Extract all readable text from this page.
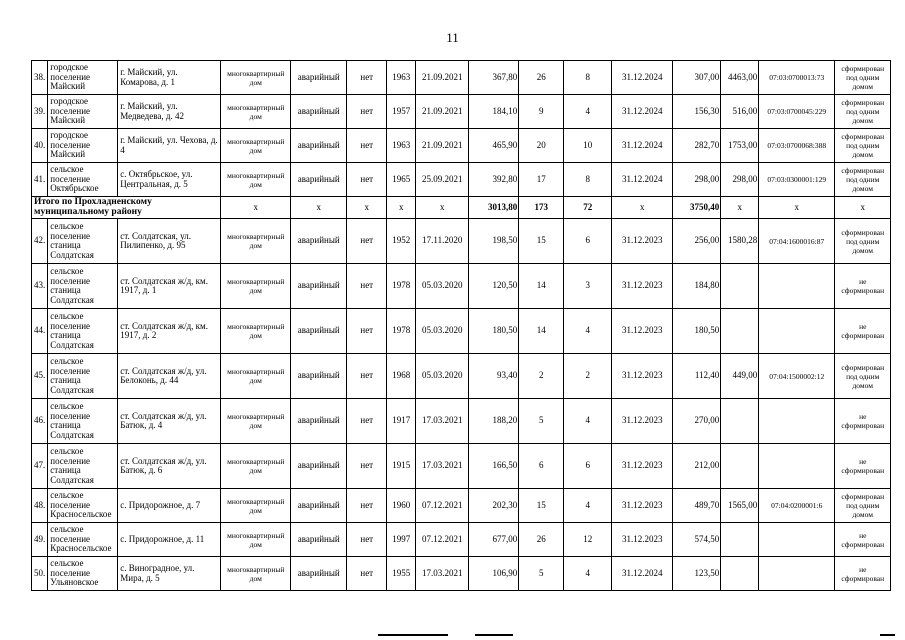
11
38.	городское поселение Майский	г. Майский, ул. Комарова, д. 1	многоквартирный дом	аварийный	нет	1963	21.09.2021	367,80	26	8	31.12.2024	307,00	4463,00	07:03:0700013:73	сформирован под одним домом
39.	городское поселение Майский	г. Майский, ул. Медведева, д. 42	многоквартирный дом	аварийный	нет	1957	21.09.2021	184,10	9	4	31.12.2024	156,30	516,00	07:03:0700045:229	сформирован под одним домом
40.	городское поселение Майский	г. Майский, ул. Чехова, д. 4	многоквартирный дом	аварийный	нет	1963	21.09.2021	465,90	20	10	31.12.2024	282,70	1753,00	07:03:0700068:388	сформирован под одним домом
41.	сельское поселение Октябрьское	с. Октябрьское, ул. Центральная, д. 5	многоквартирный дом	аварийный	нет	1965	25.09.2021	392,80	17	8	31.12.2024	298,00	298,00	07:03:0300001:129	сформирован под одним домом
Итого по Прохладненскому муниципальному району			x	x	x	x	x	3013,80	173	72	x	3750,40	x	x	x
42.	сельское поселение станица Солдатская	ст. Солдатская, ул. Пилипенко, д. 95	многоквартирный дом	аварийный	нет	1952	17.11.2020	198,50	15	6	31.12.2023	256,00	1580,28	07:04:1600016:87	сформирован под одним домом
43.	сельское поселение станица Солдатская	ст. Солдатская ж/д, км. 1917, д. 1	многоквартирный дом	аварийный	нет	1978	05.03.2020	120,50	14	3	31.12.2023	184,80			не сформирован
44.	сельское поселение станица Солдатская	ст. Солдатская ж/д, км. 1917, д. 2	многоквартирный дом	аварийный	нет	1978	05.03.2020	180,50	14	4	31.12.2023	180,50			не сформирован
45.	сельское поселение станица Солдатская	ст. Солдатская ж/д, ул. Белоконь, д. 44	многоквартирный дом	аварийный	нет	1968	05.03.2020	93,40	2	2	31.12.2023	112,40	449,00	07:04:1500002:12	сформирован под одним домом
46.	сельское поселение станица Солдатская	ст. Солдатская ж/д, ул. Батюк, д. 4	многоквартирный дом	аварийный	нет	1917	17.03.2021	188,20	5	4	31.12.2023	270,00			не сформирован
47.	сельское поселение станица Солдатская	ст. Солдатская ж/д, ул. Батюк, д. 6	многоквартирный дом	аварийный	нет	1915	17.03.2021	166,50	6	6	31.12.2023	212,00			не сформирован
48.	сельское поселение Красносельское	с. Придорожное, д. 7	многоквартирный дом	аварийный	нет	1960	07.12.2021	202,30	15	4	31.12.2023	489,70	1565,00	07:04:0200001:6	сформирован под одним домом
49.	сельское поселение Красносельское	с. Придорожное, д. 11	многоквартирный дом	аварийный	нет	1997	07.12.2021	677,00	26	12	31.12.2023	574,50			не сформирован
50.	сельское поселение Ульяновское	с. Виноградное, ул. Мира, д. 5	многоквартирный дом	аварийный	нет	1955	17.03.2021	106,90	5	4	31.12.2024	123,50			не сформирован
